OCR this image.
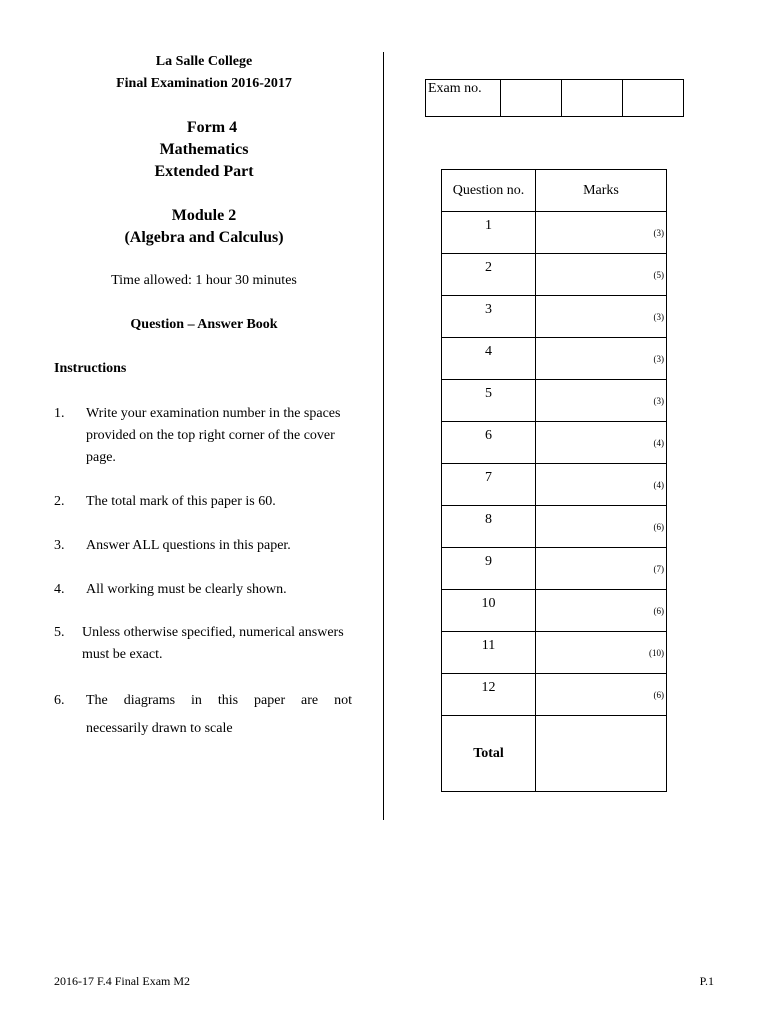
La Salle College
Final Examination 2016-2017
Form 4
Mathematics
Extended Part
Module 2
(Algebra and Calculus)
Time allowed: 1 hour 30 minutes
Question – Answer Book
Instructions
1. Write your examination number in the spaces provided on the top right corner of the cover page.
2. The total mark of this paper is 60.
3. Answer ALL questions in this paper.
4. All working must be clearly shown.
5. Unless otherwise specified, numerical answers must be exact.
6. The diagrams in this paper are not
necessarily drawn to scale
Exam no.			
Question no.	Marks
1	(3)
2	(5)
3	(3)
4	(3)
5	(3)
6	(4)
7	(4)
8	(6)
9	(7)
10	(6)
11	(10)
12	(6)
Total	
2016-17 F.4 Final Exam M2	P.1
